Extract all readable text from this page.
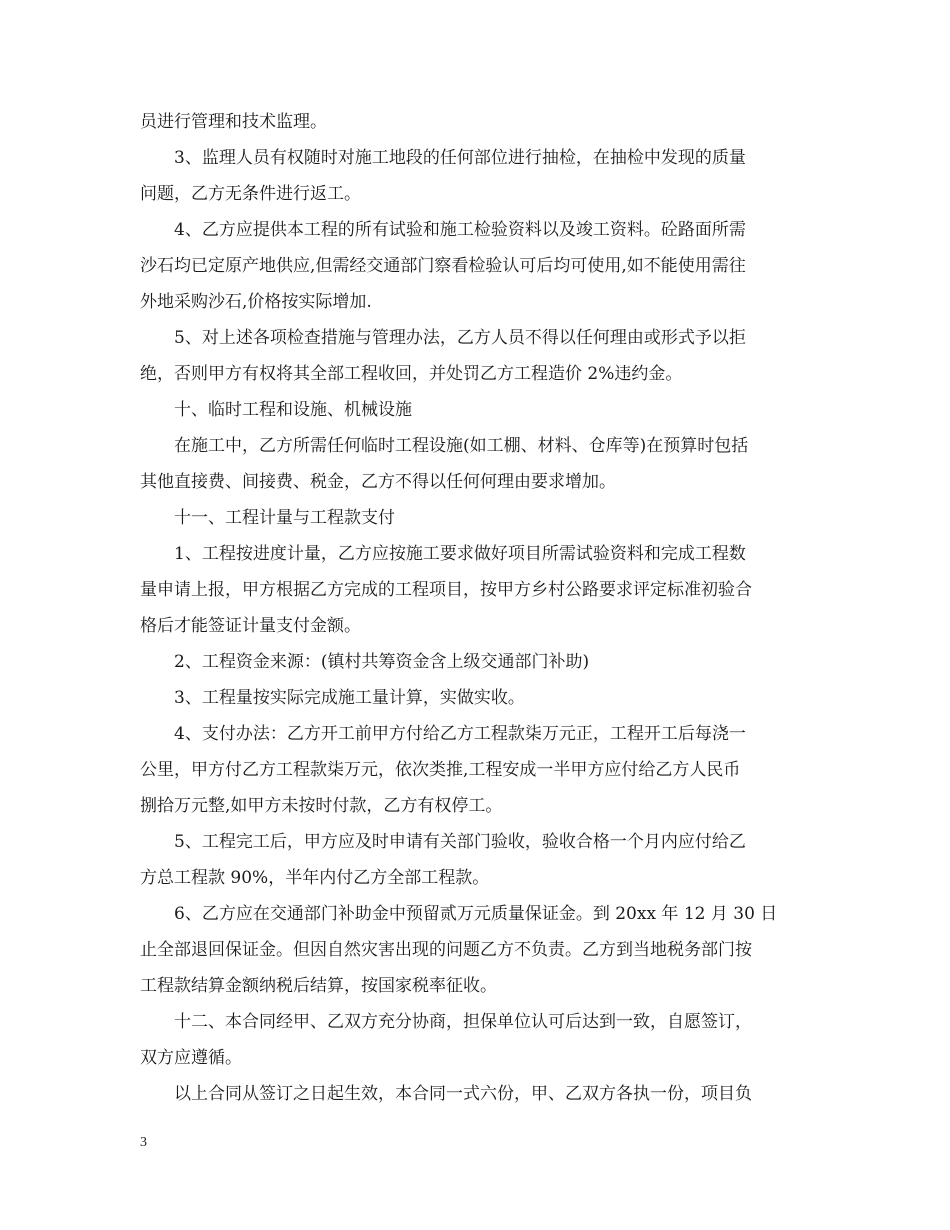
员进行管理和技术监理。
3、监理人员有权随时对施工地段的任何部位进行抽检，在抽检中发现的质量
问题，乙方无条件进行返工。
4、乙方应提供本工程的所有试验和施工检验资料以及竣工资料。砼路面所需
沙石均已定原产地供应,但需经交通部门察看检验认可后均可使用,如不能使用需往
外地采购沙石,价格按实际增加.
5、对上述各项检查措施与管理办法，乙方人员不得以任何理由或形式予以拒
绝，否则甲方有权将其全部工程收回，并处罚乙方工程造价 2%违约金。
十、临时工程和设施、机械设施
在施工中，乙方所需任何临时工程设施(如工棚、材料、仓库等)在预算时包括
其他直接费、间接费、税金，乙方不得以任何何理由要求增加。
十一、工程计量与工程款支付
1、工程按进度计量，乙方应按施工要求做好项目所需试验资料和完成工程数
量申请上报，甲方根据乙方完成的工程项目，按甲方乡村公路要求评定标准初验合
格后才能签证计量支付金额。
2、工程资金来源：(镇村共筹资金含上级交通部门补助)
3、工程量按实际完成施工量计算，实做实收。
4、支付办法：乙方开工前甲方付给乙方工程款柒万元正，工程开工后每浇一
公里，甲方付乙方工程款柒万元，依次类推,工程安成一半甲方应付给乙方人民币
捌拾万元整,如甲方未按时付款，乙方有权停工。
5、工程完工后，甲方应及时申请有关部门验收，验收合格一个月内应付给乙
方总工程款 90%，半年内付乙方全部工程款。
6、乙方应在交通部门补助金中预留贰万元质量保证金。到 20xx 年 12 月 30 日
止全部退回保证金。但因自然灾害出现的问题乙方不负责。乙方到当地税务部门按
工程款结算金额纳税后结算，按国家税率征收。
十二、本合同经甲、乙双方充分协商，担保单位认可后达到一致，自愿签订，
双方应遵循。
以上合同从签订之日起生效，本合同一式六份，甲、乙双方各执一份，项目负
3
